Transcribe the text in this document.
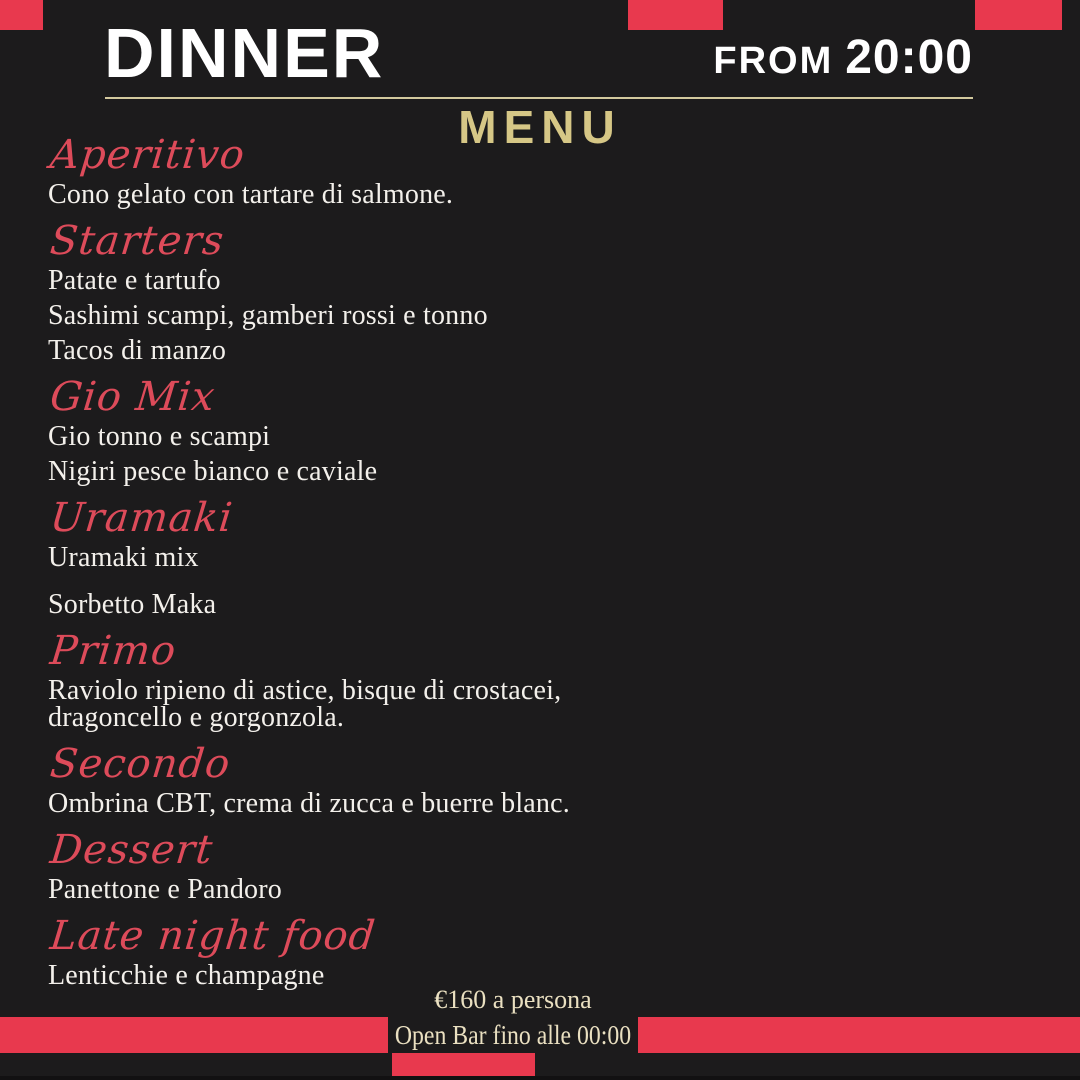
DINNER	FROM 20:00
MENU
Aperitivo
Cono gelato con tartare di salmone.
Starters
Patate e tartufo
Sashimi scampi, gamberi rossi e tonno
Tacos di manzo
Gio Mix
Gio tonno e scampi
Nigiri pesce bianco e caviale
Uramaki
Uramaki mix
Sorbetto Maka
Primo
Raviolo ripieno di astice, bisque di crostacei,
dragoncello e gorgonzola.
Secondo
Ombrina CBT, crema di zucca e buerre blanc.
Dessert
Panettone e Pandoro
Late night food
Lenticchie e champagne
€160 a persona
Open Bar fino alle 00:00
